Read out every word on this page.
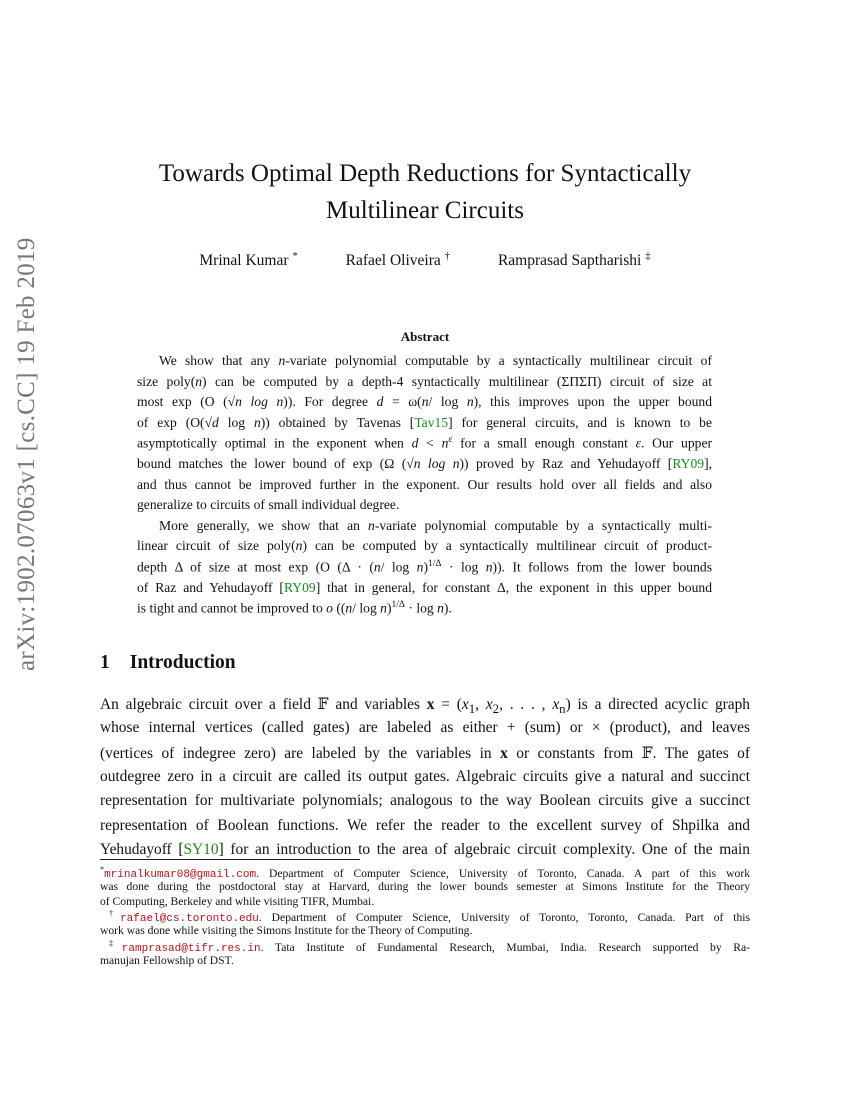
arXiv:1902.07063v1 [cs.CC] 19 Feb 2019
Towards Optimal Depth Reductions for Syntactically
Multilinear Circuits
Mrinal Kumar *	Rafael Oliveira †	Ramprasad Saptharishi ‡
Abstract
We show that any n-variate polynomial computable by a syntactically multilinear circuit of
size poly(n) can be computed by a depth-4 syntactically multilinear (ΣΠΣΠ) circuit of size at
most exp (O (√n log n)). For degree d = ω(n/ log n), this improves upon the upper bound
of exp (O(√d log n)) obtained by Tavenas [Tav15] for general circuits, and is known to be
asymptotically optimal in the exponent when $d < n^\varepsilon$ for a small enough constant ε. Our upper
bound matches the lower bound of exp (Ω (√n log n)) proved by Raz and Yehudayoff [RY09],
and thus cannot be improved further in the exponent. Our results hold over all fields and also
generalize to circuits of small individual degree.
More generally, we show that an n-variate polynomial computable by a syntactically multi-
linear circuit of size poly(n) can be computed by a syntactically multilinear circuit of product-
depth Δ of size at most exp (O (Δ · (n/ log n)$^{1/\Delta}$ · log n)). It follows from the lower bounds
of Raz and Yehudayoff [RY09] that in general, for constant Δ, the exponent in this upper bound
is tight and cannot be improved to o ((n/ log n)$^{1/\Delta}$ · log n).
1 Introduction
An algebraic circuit over a field 𝔽 and variables $x = (x_1$, $x_2$, . . . , $x_n$) is a directed acyclic graph
whose internal vertices (called gates) are labeled as either + (sum) or × (product), and leaves
(vertices of indegree zero) are labeled by the variables in x or constants from 𝔽. The gates of
outdegree zero in a circuit are called its output gates. Algebraic circuits give a natural and succinct
representation for multivariate polynomials; analogous to the way Boolean circuits give a succinct
representation of Boolean functions. We refer the reader to the excellent survey of Shpilka and
Yehudayoff [SY10] for an introduction to the area of algebraic circuit complexity. One of the main
*mrinalkumar08@gmail.com. Department of Computer Science, University of Toronto, Canada. A part of this work
was done during the postdoctoral stay at Harvard, during the lower bounds semester at Simons Institute for the Theory
of Computing, Berkeley and while visiting TIFR, Mumbai.
†rafael@cs.toronto.edu. Department of Computer Science, University of Toronto, Toronto, Canada. Part of this
work was done while visiting the Simons Institute for the Theory of Computing.
‡ramprasad@tifr.res.in. Tata Institute of Fundamental Research, Mumbai, India. Research supported by Ra-
manujan Fellowship of DST.
